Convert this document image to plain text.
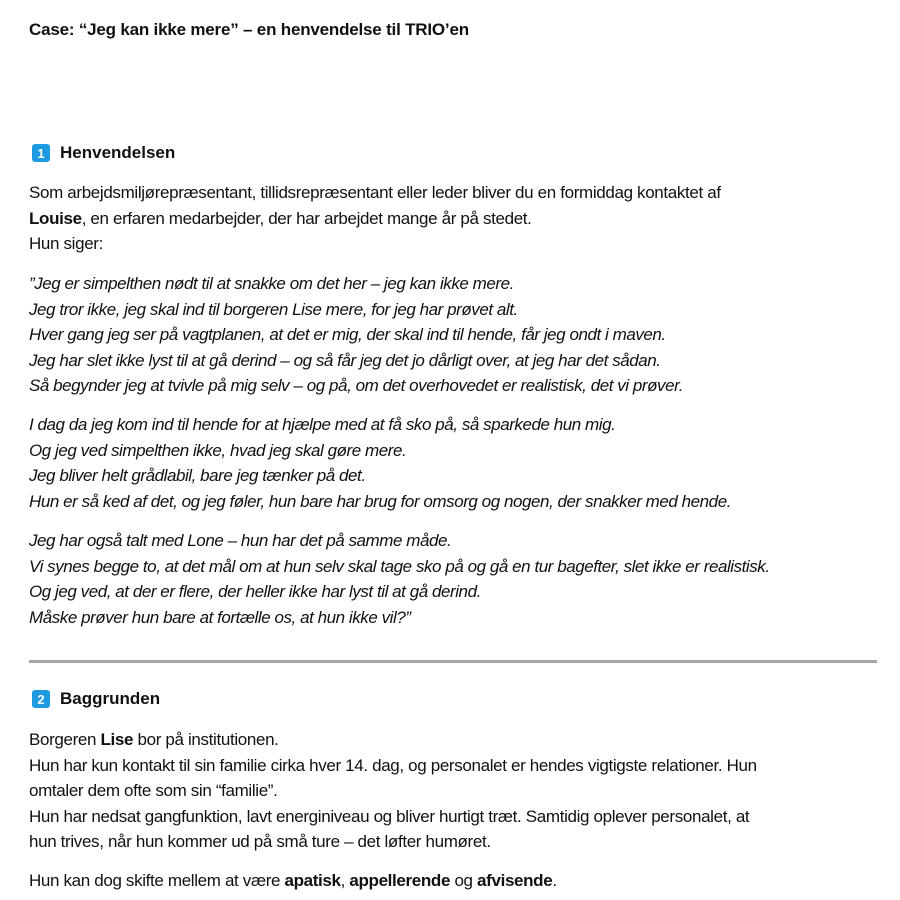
Case: “Jeg kan ikke mere” – en henvendelse til TRIO’en
1 Henvendelsen
Som arbejdsmiljørepræsentant, tillidsrepræsentant eller leder bliver du en formiddag kontaktet af
Louise, en erfaren medarbejder, der har arbejdet mange år på stedet.
Hun siger:
”Jeg er simpelthen nødt til at snakke om det her – jeg kan ikke mere.
Jeg tror ikke, jeg skal ind til borgeren Lise mere, for jeg har prøvet alt.
Hver gang jeg ser på vagtplanen, at det er mig, der skal ind til hende, får jeg ondt i maven.
Jeg har slet ikke lyst til at gå derind – og så får jeg det jo dårligt over, at jeg har det sådan.
Så begynder jeg at tvivle på mig selv – og på, om det overhovedet er realistisk, det vi prøver.
I dag da jeg kom ind til hende for at hjælpe med at få sko på, så sparkede hun mig.
Og jeg ved simpelthen ikke, hvad jeg skal gøre mere.
Jeg bliver helt grådlabil, bare jeg tænker på det.
Hun er så ked af det, og jeg føler, hun bare har brug for omsorg og nogen, der snakker med hende.
Jeg har også talt med Lone – hun har det på samme måde.
Vi synes begge to, at det mål om at hun selv skal tage sko på og gå en tur bagefter, slet ikke er realistisk.
Og jeg ved, at der er flere, der heller ikke har lyst til at gå derind.
Måske prøver hun bare at fortælle os, at hun ikke vil?”
2 Baggrunden
Borgeren Lise bor på institutionen.
Hun har kun kontakt til sin familie cirka hver 14. dag, og personalet er hendes vigtigste relationer. Hun
omtaler dem ofte som sin “familie”.
Hun har nedsat gangfunktion, lavt energiniveau og bliver hurtigt træt. Samtidig oplever personalet, at
hun trives, når hun kommer ud på små ture – det løfter humøret.
Hun kan dog skifte mellem at være apatisk, appellerende og afvisende.
